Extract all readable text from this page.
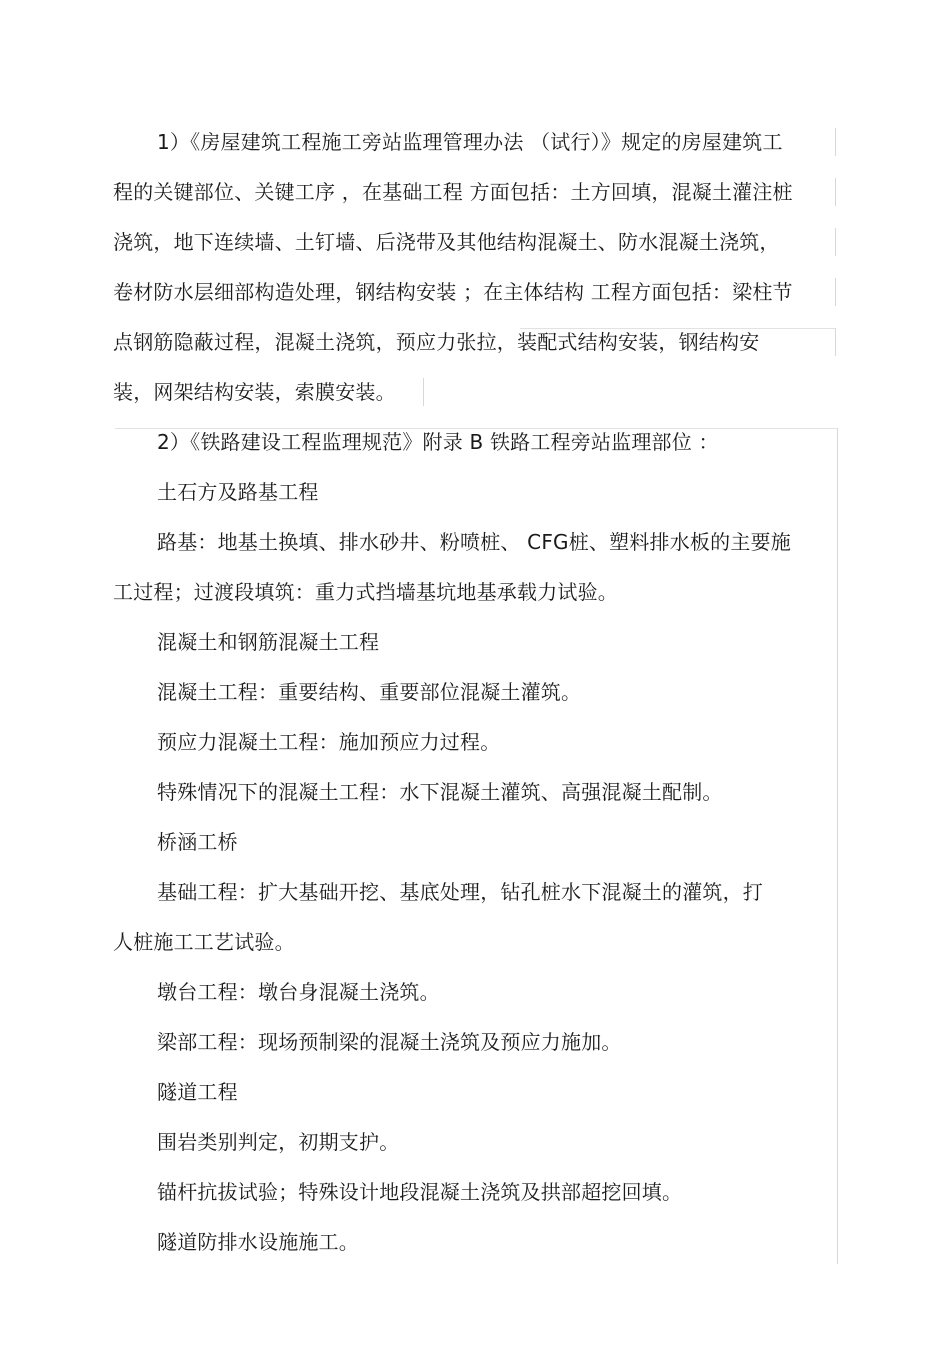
1）《房屋建筑工程施工旁站监理管理办法 （试行）》规定的房屋建筑工
程的关键部位、关键工序 ，在基础工程 方面包括：土方回填，混凝土灌注桩
浇筑，地下连续墙、土钉墙、后浇带及其他结构混凝土、防水混凝土浇筑，
卷材防水层细部构造处理，钢结构安装 ；在主体结构 工程方面包括：梁柱节
点钢筋隐蔽过程，混凝土浇筑，预应力张拉，装配式结构安装，钢结构安
装，网架结构安装，索膜安装。
2）《铁路建设工程监理规范》附录 B 铁路工程旁站监理部位 ：
土石方及路基工程
路基：地基土换填、排水砂井、粉喷桩、 CFG桩、塑料排水板的主要施
工过程；过渡段填筑：重力式挡墙基坑地基承载力试验。
混凝土和钢筋混凝土工程
混凝土工程：重要结构、重要部位混凝土灌筑。
预应力混凝土工程：施加预应力过程。
特殊情况下的混凝土工程：水下混凝土灌筑、高强混凝土配制。
桥涵工桥
基础工程：扩大基础开挖、基底处理，钻孔桩水下混凝土的灌筑，打
人桩施工工艺试验。
墩台工程：墩台身混凝土浇筑。
梁部工程：现场预制梁的混凝土浇筑及预应力施加。
隧道工程
围岩类别判定，初期支护。
锚杆抗拔试验；特殊设计地段混凝土浇筑及拱部超挖回填。
隧道防排水设施施工。
